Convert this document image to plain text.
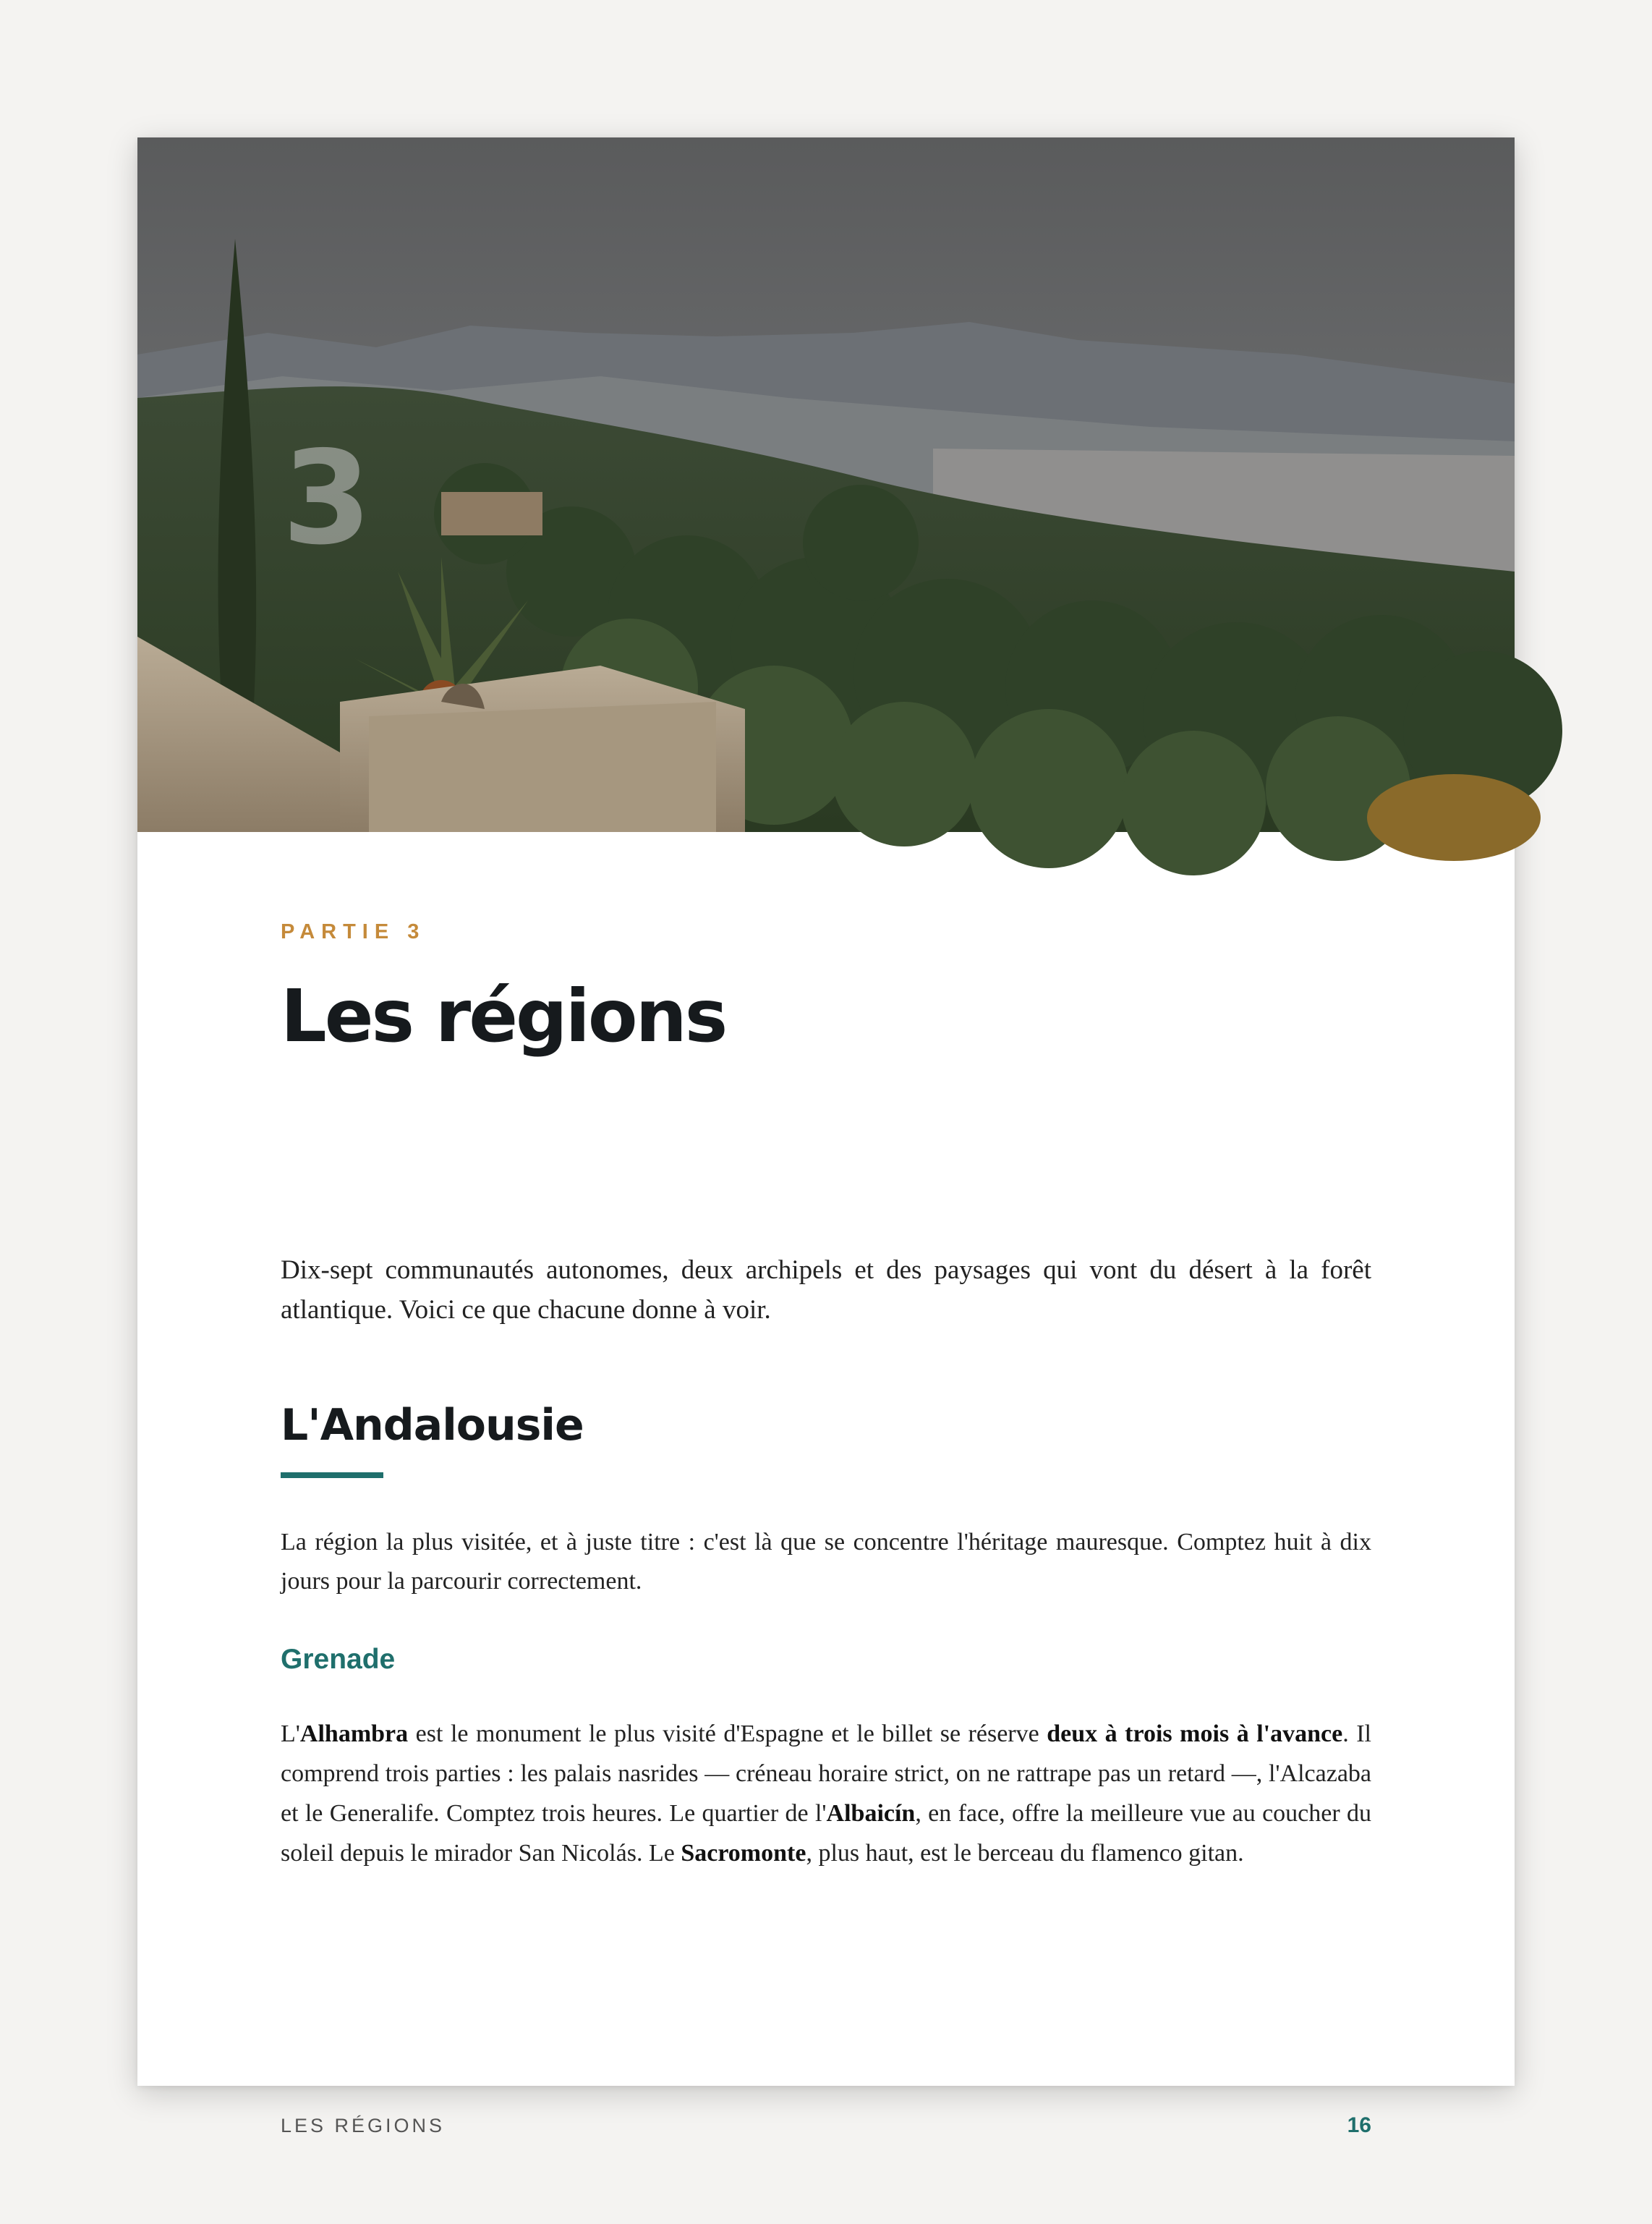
3
PARTIE 3
Les régions

Dix-sept communautés autonomes, deux archipels et des paysages qui vont du désert à la forêt atlantique. Voici ce que chacune donne à voir.

L'Andalousie

La région la plus visitée, et à juste titre : c'est là que se concentre l'héritage mauresque. Comptez huit à dix jours pour la parcourir correctement.

Grenade

L'Alhambra est le monument le plus visité d'Espagne et le billet se réserve deux à trois mois à l'avance. Il comprend trois parties : les palais nasrides — créneau horaire strict, on ne rattrape pas un retard —, l'Alcazaba et le Generalife. Comptez trois heures. Le quartier de l'Albaicín, en face, offre la meilleure vue au coucher du soleil depuis le mirador San Nicolás. Le Sacromonte, plus haut, est le berceau du flamenco gitan.

LES RÉGIONS	16
